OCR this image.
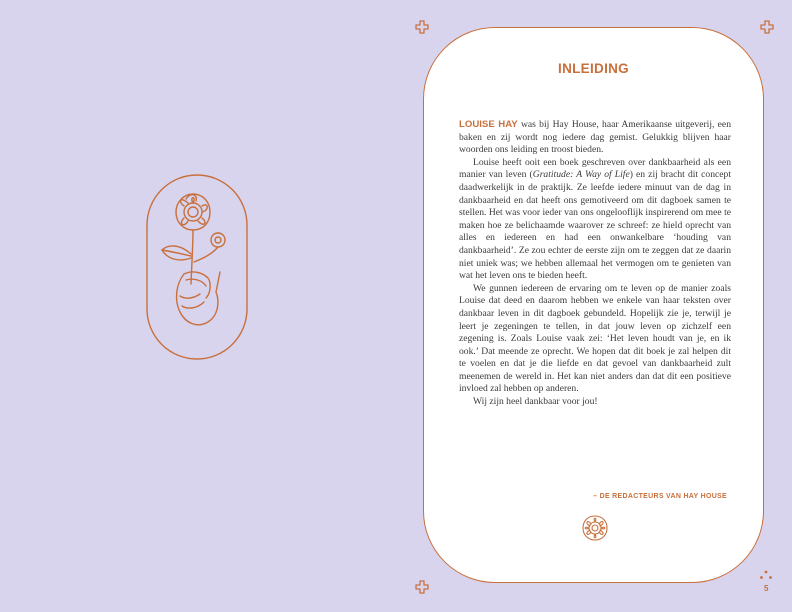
INLEIDING

LOUISE HAY was bij Hay House, haar Amerikaanse uitgeverij, een baken en zij wordt nog iedere dag gemist. Gelukkig blijven haar woorden ons leiding en troost bieden.

Louise heeft ooit een boek geschreven over dankbaarheid als een manier van leven (Gratitude: A Way of Life) en zij bracht dit concept daadwerkelijk in de praktijk. Ze leefde iedere minuut van de dag in dankbaarheid en dat heeft ons gemotiveerd om dit dagboek samen te stellen. Het was voor ieder van ons ongelooflijk inspirerend om mee te maken hoe ze belichaamde waarover ze schreef: ze hield oprecht van alles en iedereen en had een onwankelbare ‘houding van dankbaarheid’. Ze zou echter de eerste zijn om te zeggen dat ze daarin niet uniek was; we hebben allemaal het vermogen om te genieten van wat het leven ons te bieden heeft.

We gunnen iedereen de ervaring om te leven op de manier zoals Louise dat deed en daarom hebben we enkele van haar teksten over dankbaar leven in dit dagboek gebundeld. Hopelijk zie je, terwijl je leert je zegeningen te tellen, in dat jouw leven op zichzelf een zegening is. Zoals Louise vaak zei: ‘Het leven houdt van je, en ik ook.’ Dat meende ze oprecht. We hopen dat dit boek je zal helpen dit te voelen en dat je die liefde en dat gevoel van dankbaarheid zult meenemen de wereld in. Het kan niet anders dan dat dit een positieve invloed zal hebben op anderen.

Wij zijn heel dankbaar voor jou!

– DE REDACTEURS VAN HAY HOUSE
5
